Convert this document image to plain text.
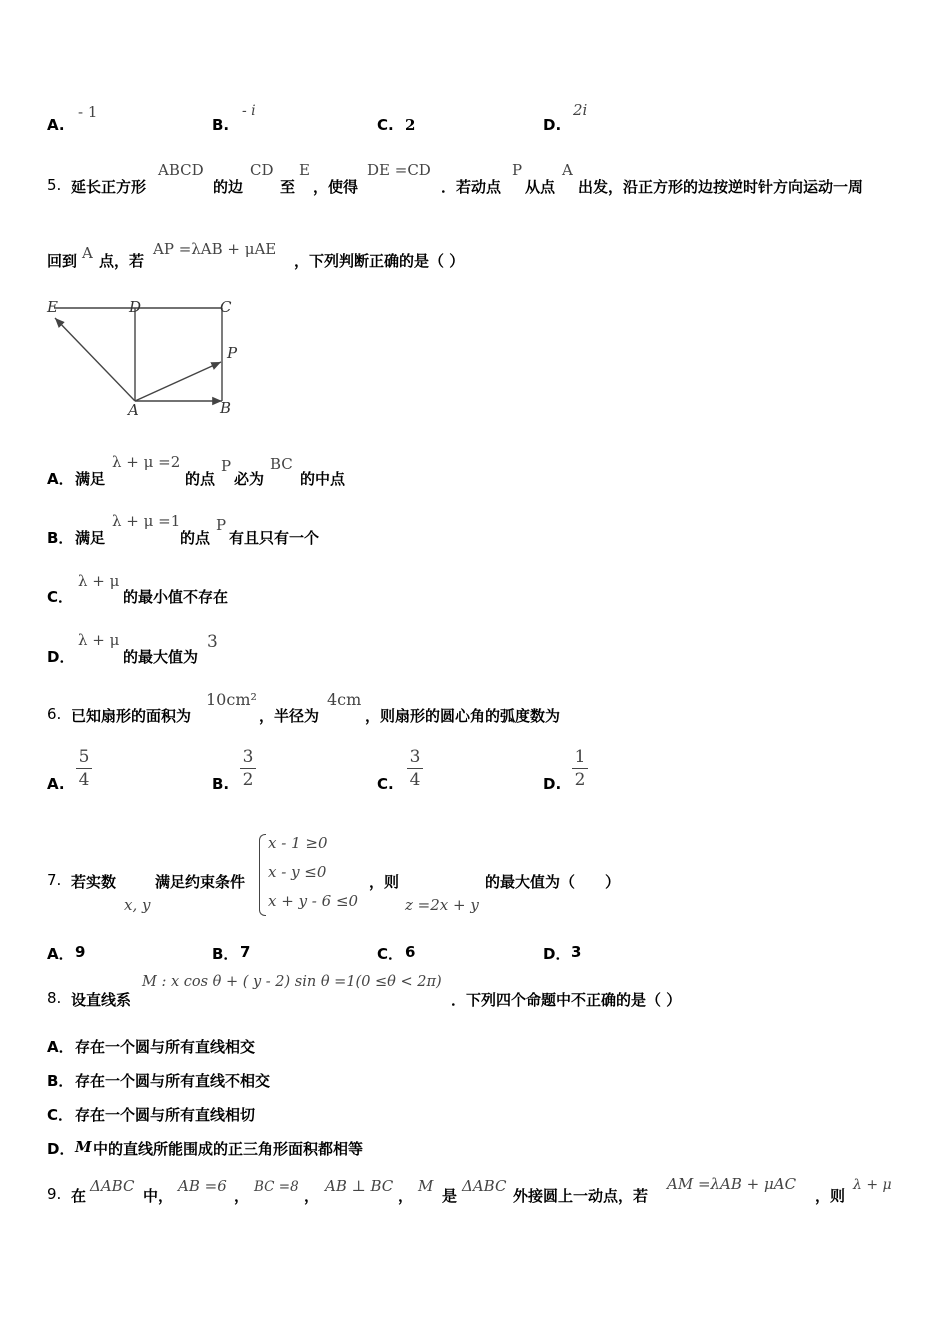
A.
- 1
B.
- i
C. 2	D.
2i
5. 延长正方形
ABCD
的边
CD
至
E
，使得
DE =CD
．若动点
P
从点
A
出发，沿正方形的边按逆时针方向运动一周
回到 A 点，若
AP =λAB + μAE
，下列判断正确的是（ ）
E	D	C
P
A	B
A． 满足
λ + μ =2
的点
P
必为
BC
的中点
B． 满足
λ + μ =1
的点
P
有且只有一个
C．
λ + μ
的最小值不存在
D．
λ + μ
的最大值为
3
6. 已知扇形的面积为
10cm²
，半径为
4cm
，则扇形的圆心角的弧度数为
A.
5
4	B.
3
2	C.
3
4	D.
1
2
7. 若实数
x, y
满足约束条件
x - 1 ≥0
x - y ≤0
x + y - 6 ≤0
，则
z =2x + y
的最大值为（　　）
A． 9	B． 7	C． 6	D． 3
8. 设直线系
M : x cos θ + ( y - 2) sin θ =1(0 ≤θ < 2π)
．下列四个命题中不正确的是（ ）
A． 存在一个圆与所有直线相交
B． 存在一个圆与所有直线不相交
C． 存在一个圆与所有直线相切
D． M 中的直线所能围成的正三角形面积都相等
9. 在
ΔABC
中，
AB =6
， BC =8 ，
AB ⊥ BC
，
M
是
ΔABC
外接圆上一动点，若
AM =λAB + μAC
，则
λ + μ
